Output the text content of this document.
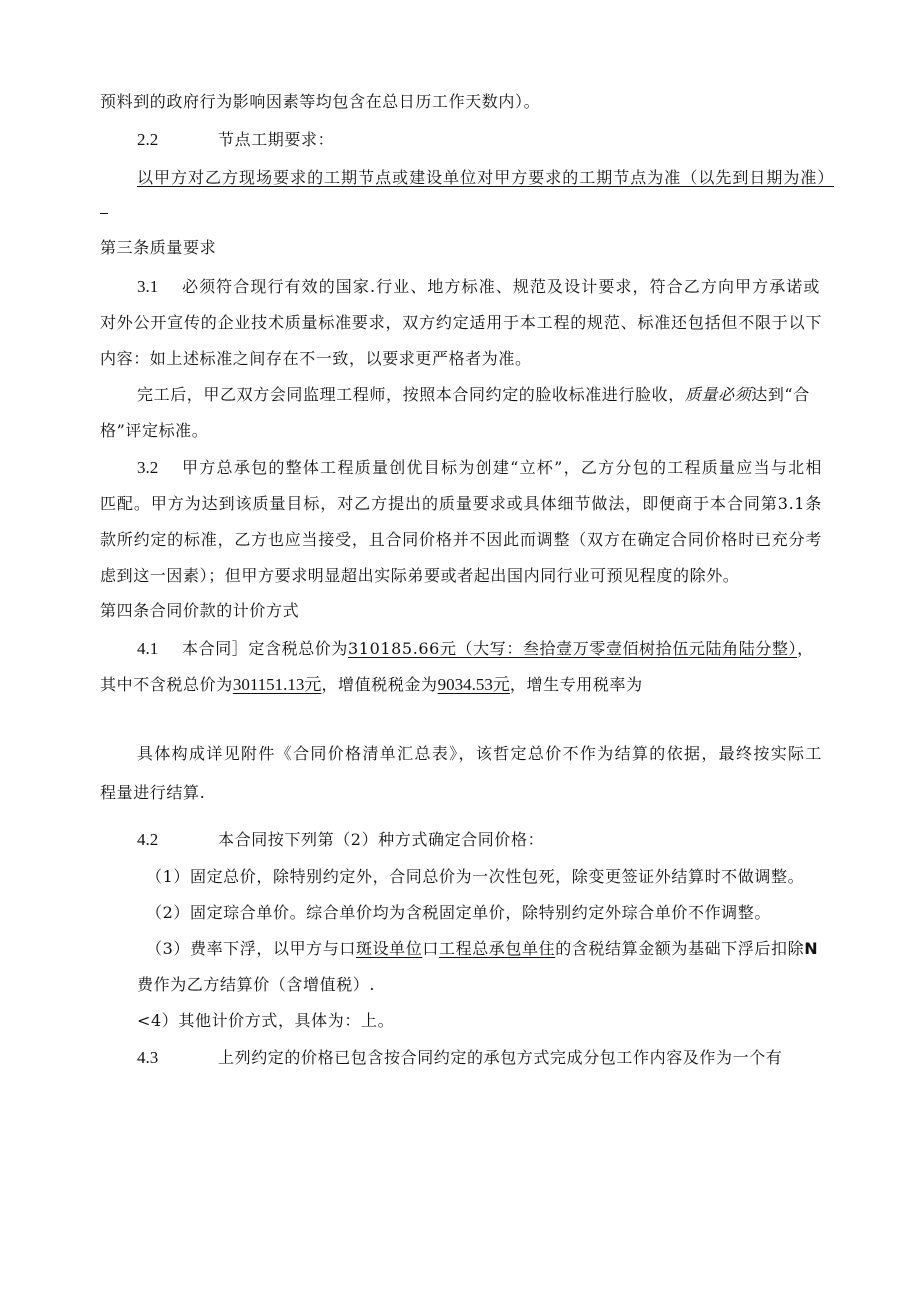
预料到的政府行为影响因素等均包含在总日历工作天数内）。
2.2	节点工期要求：
以甲方对乙方现场要求的工期节点或建设单位对甲方要求的工期节点为准（以先到日期为准）
第三条质量要求
3.1 必须符合现行有效的国家.行业、地方标准、规范及设计要求，符合乙方向甲方承诺或
对外公开宣传的企业技术质量标准要求，双方约定适用于本工程的规范、标准还包括但不限于以下
内容：如上述标准之间存在不一致，以要求更严格者为准。
完工后，甲乙双方会同监理工程师，按照本合同约定的脸收标准进行脸收，质量必须达到“合
格”评定标准。
3.2 甲方总承包的整体工程质量创优目标为创建“立杯”，乙方分包的工程质量应当与北相
匹配。甲方为达到该质量目标，对乙方提出的质量要求或具体细节做法，即便商于本合同第3.1条
款所约定的标准，乙方也应当接受，且合同价格并不因此而调整（双方在确定合同价格时已充分考
虑到这一因素）；但甲方要求明显超出实际弟要或者起出国内同行业可预见程度的除外。
第四条合同价款的计价方式
4.1 本合同］定含税总价为310185.66元（大写：叁拾壹万零壹佰树拾伍元陆角陆分整），
其中不含税总价为301151.13元，增值税税金为9034.53元，增生专用税率为
具体构成详见附件《合同价格清单汇总表》，该哲定总价不作为结算的依据，最终按实际工
程量进行结算.
4.2	本合同按下列第（2）种方式确定合同价格：
（1）固定总价，除特别约定外，合同总价为一次性包死，除变更签证外结算时不做调整。
（2）固定琮合单价。综合单价均为含税固定单价，除特别约定外琮合单价不作调整。
（3）费率下浮，以甲方与口斑设单位口工程总承包单住的含税结算金额为基础下浮后扣除N
费作为乙方结算价（含增值税）.
<4）其他计价方式，具体为：上。
4.3	上列约定的价格已包含按合同约定的承包方式完成分包工作内容及作为一个有
